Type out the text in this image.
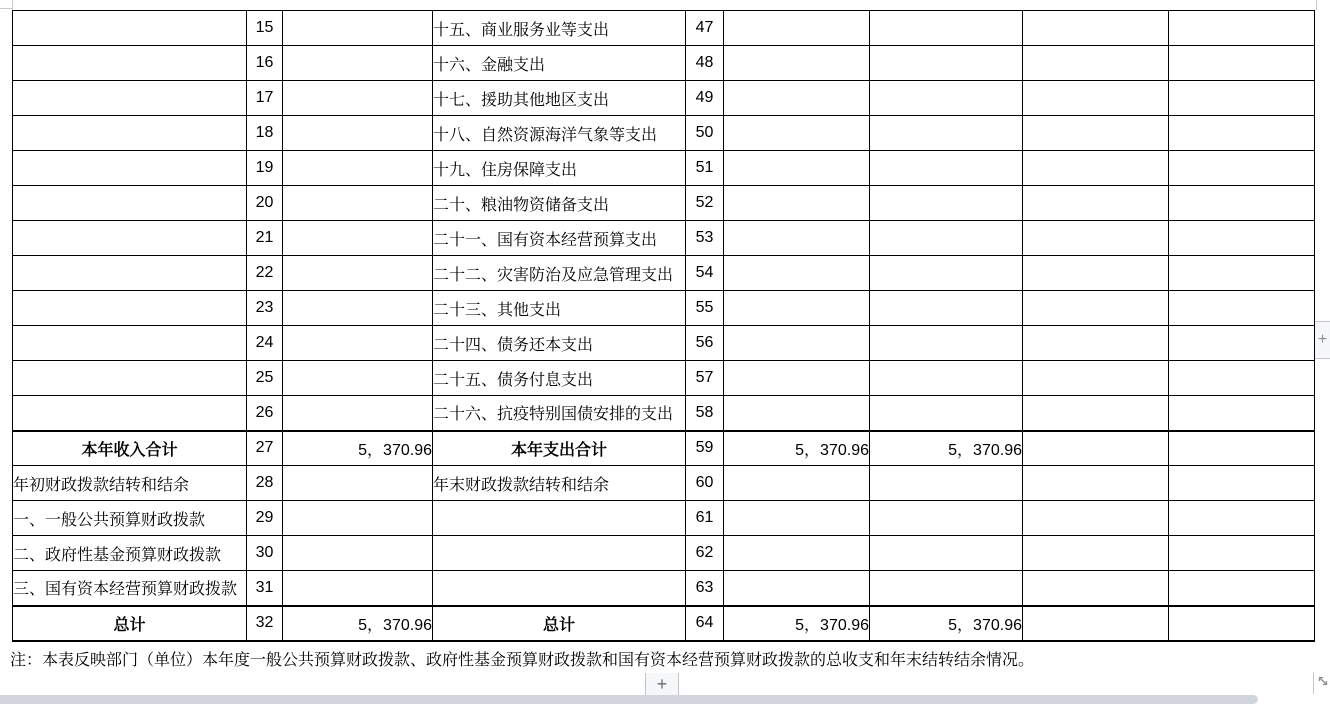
	15		十五、商业服务业等支出	47				
	16		十六、金融支出	48				
	17		十七、援助其他地区支出	49				
	18		十八、自然资源海洋气象等支出	50				
	19		十九、住房保障支出	51				
	20		二十、粮油物资储备支出	52				
	21		二十一、国有资本经营预算支出	53				
	22		二十二、灾害防治及应急管理支出	54				
	23		二十三、其他支出	55				
	24		二十四、债务还本支出	56				
	25		二十五、债务付息支出	57				
	26		二十六、抗疫特别国债安排的支出	58				
本年收入合计	27	5，370.96	本年支出合计	59	5，370.96	5，370.96		
年初财政拨款结转和结余	28		年末财政拨款结转和结余	60				
一、一般公共预算财政拨款	29			61				
二、政府性基金预算财政拨款	30			62				
三、国有资本经营预算财政拨款	31			63				
总计	32	5，370.96	总计	64	5，370.96	5，370.96		
注：本表反映部门（单位）本年度一般公共预算财政拨款、政府性基金预算财政拨款和国有资本经营预算财政拨款的总收支和年末结转结余情况。
+
+
